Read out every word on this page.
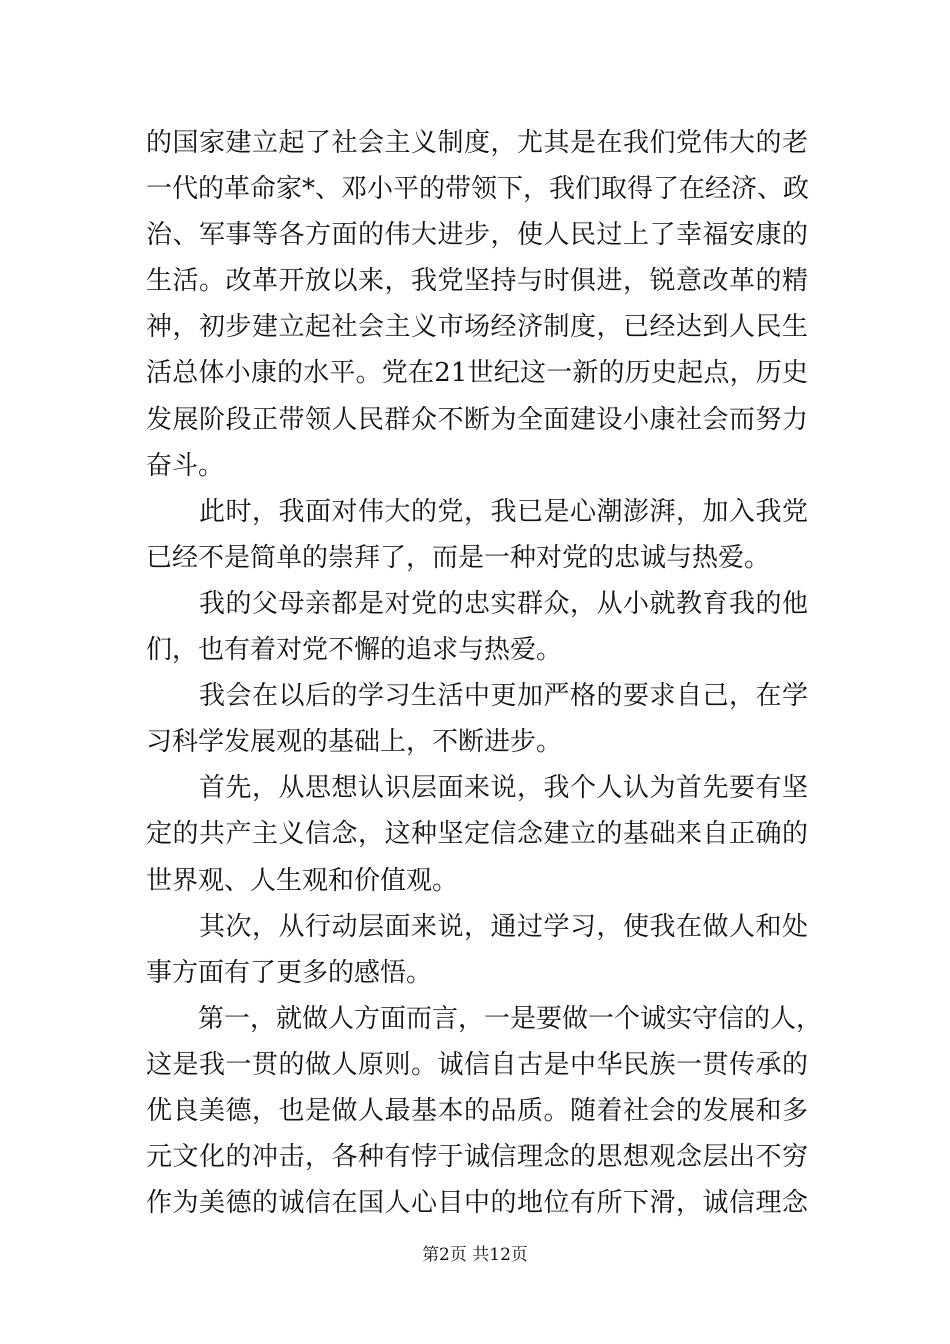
的国家建立起了社会主义制度，尤其是在我们党伟大的老
一代的革命家*、邓小平的带领下，我们取得了在经济、政
治、军事等各方面的伟大进步，使人民过上了幸福安康的
生活。改革开放以来，我党坚持与时俱进，锐意改革的精
神，初步建立起社会主义市场经济制度，已经达到人民生
活总体小康的水平。党在21世纪这一新的历史起点，历史
发展阶段正带领人民群众不断为全面建设小康社会而努力
奋斗。
　　此时，我面对伟大的党，我已是心潮澎湃，加入我党
已经不是简单的崇拜了，而是一种对党的忠诚与热爱。
　　我的父母亲都是对党的忠实群众，从小就教育我的他
们，也有着对党不懈的追求与热爱。
　　我会在以后的学习生活中更加严格的要求自己，在学
习科学发展观的基础上，不断进步。
　　首先，从思想认识层面来说，我个人认为首先要有坚
定的共产主义信念，这种坚定信念建立的基础来自正确的
世界观、人生观和价值观。
　　其次，从行动层面来说，通过学习，使我在做人和处
事方面有了更多的感悟。
　　第一，就做人方面而言，一是要做一个诚实守信的人，
这是我一贯的做人原则。诚信自古是中华民族一贯传承的
优良美德，也是做人最基本的品质。随着社会的发展和多
元文化的冲击，各种有悖于诚信理念的思想观念层出不穷
作为美德的诚信在国人心目中的地位有所下滑，诚信理念
第2页 共12页
